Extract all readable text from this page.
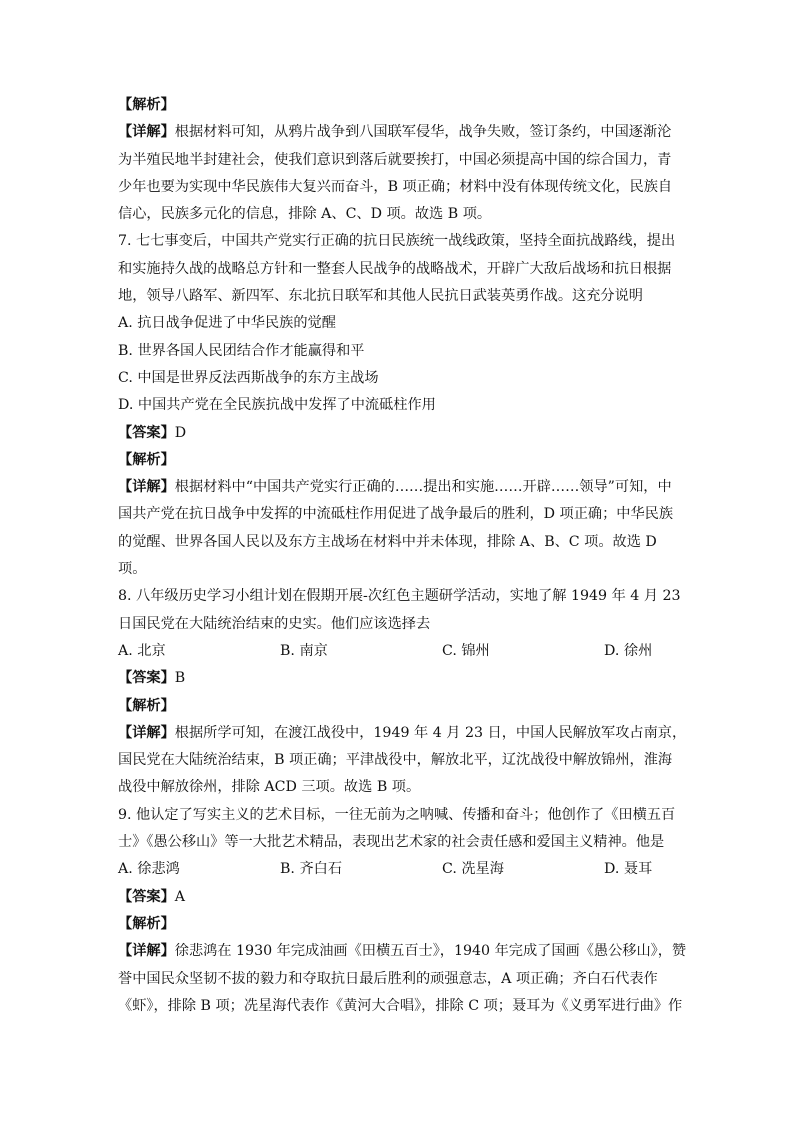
【解析】
【详解】根据材料可知，从鸦片战争到八国联军侵华，战争失败，签订条约，中国逐渐沦
为半殖民地半封建社会，使我们意识到落后就要挨打，中国必须提高中国的综合国力，青
少年也要为实现中华民族伟大复兴而奋斗，B 项正确；材料中没有体现传统文化，民族自
信心，民族多元化的信息，排除 A、C、D 项。故选 B 项。
7. 七七事变后，中国共产党实行正确的抗日民族统一战线政策，坚持全面抗战路线，提出
和实施持久战的战略总方针和一整套人民战争的战略战术，开辟广大敌后战场和抗日根据
地，领导八路军、新四军、东北抗日联军和其他人民抗日武装英勇作战。这充分说明
A. 抗日战争促进了中华民族的觉醒
B. 世界各国人民团结合作才能赢得和平
C. 中国是世界反法西斯战争的东方主战场
D. 中国共产党在全民族抗战中发挥了中流砥柱作用
【答案】D
【解析】
【详解】根据材料中“中国共产党实行正确的……提出和实施……开辟……领导”可知，中
国共产党在抗日战争中发挥的中流砥柱作用促进了战争最后的胜利，D 项正确；中华民族
的觉醒、世界各国人民以及东方主战场在材料中并未体现，排除 A、B、C 项。故选 D
项。
8. 八年级历史学习小组计划在假期开展-次红色主题研学活动，实地了解 1949 年 4 月 23
日国民党在大陆统治结束的史实。他们应该选择去
A. 北京	B. 南京	C. 锦州	D. 徐州
【答案】B
【解析】
【详解】根据所学可知，在渡江战役中，1949 年 4 月 23 日，中国人民解放军攻占南京，
国民党在大陆统治结束，B 项正确；平津战役中，解放北平，辽沈战役中解放锦州，淮海
战役中解放徐州，排除 ACD 三项。故选 B 项。
9. 他认定了写实主义的艺术目标，一往无前为之呐喊、传播和奋斗；他创作了《田横五百
士》《愚公移山》等一大批艺术精品，表现出艺术家的社会责任感和爱国主义精神。他是
A. 徐悲鸿	B. 齐白石	C. 冼星海	D. 聂耳
【答案】A
【解析】
【详解】徐悲鸿在 1930 年完成油画《田横五百士》，1940 年完成了国画《愚公移山》，赞
誉中国民众坚韧不拔的毅力和夺取抗日最后胜利的顽强意志，A 项正确；齐白石代表作
《虾》，排除 B 项；冼星海代表作《黄河大合唱》，排除 C 项；聂耳为《义勇军进行曲》作
